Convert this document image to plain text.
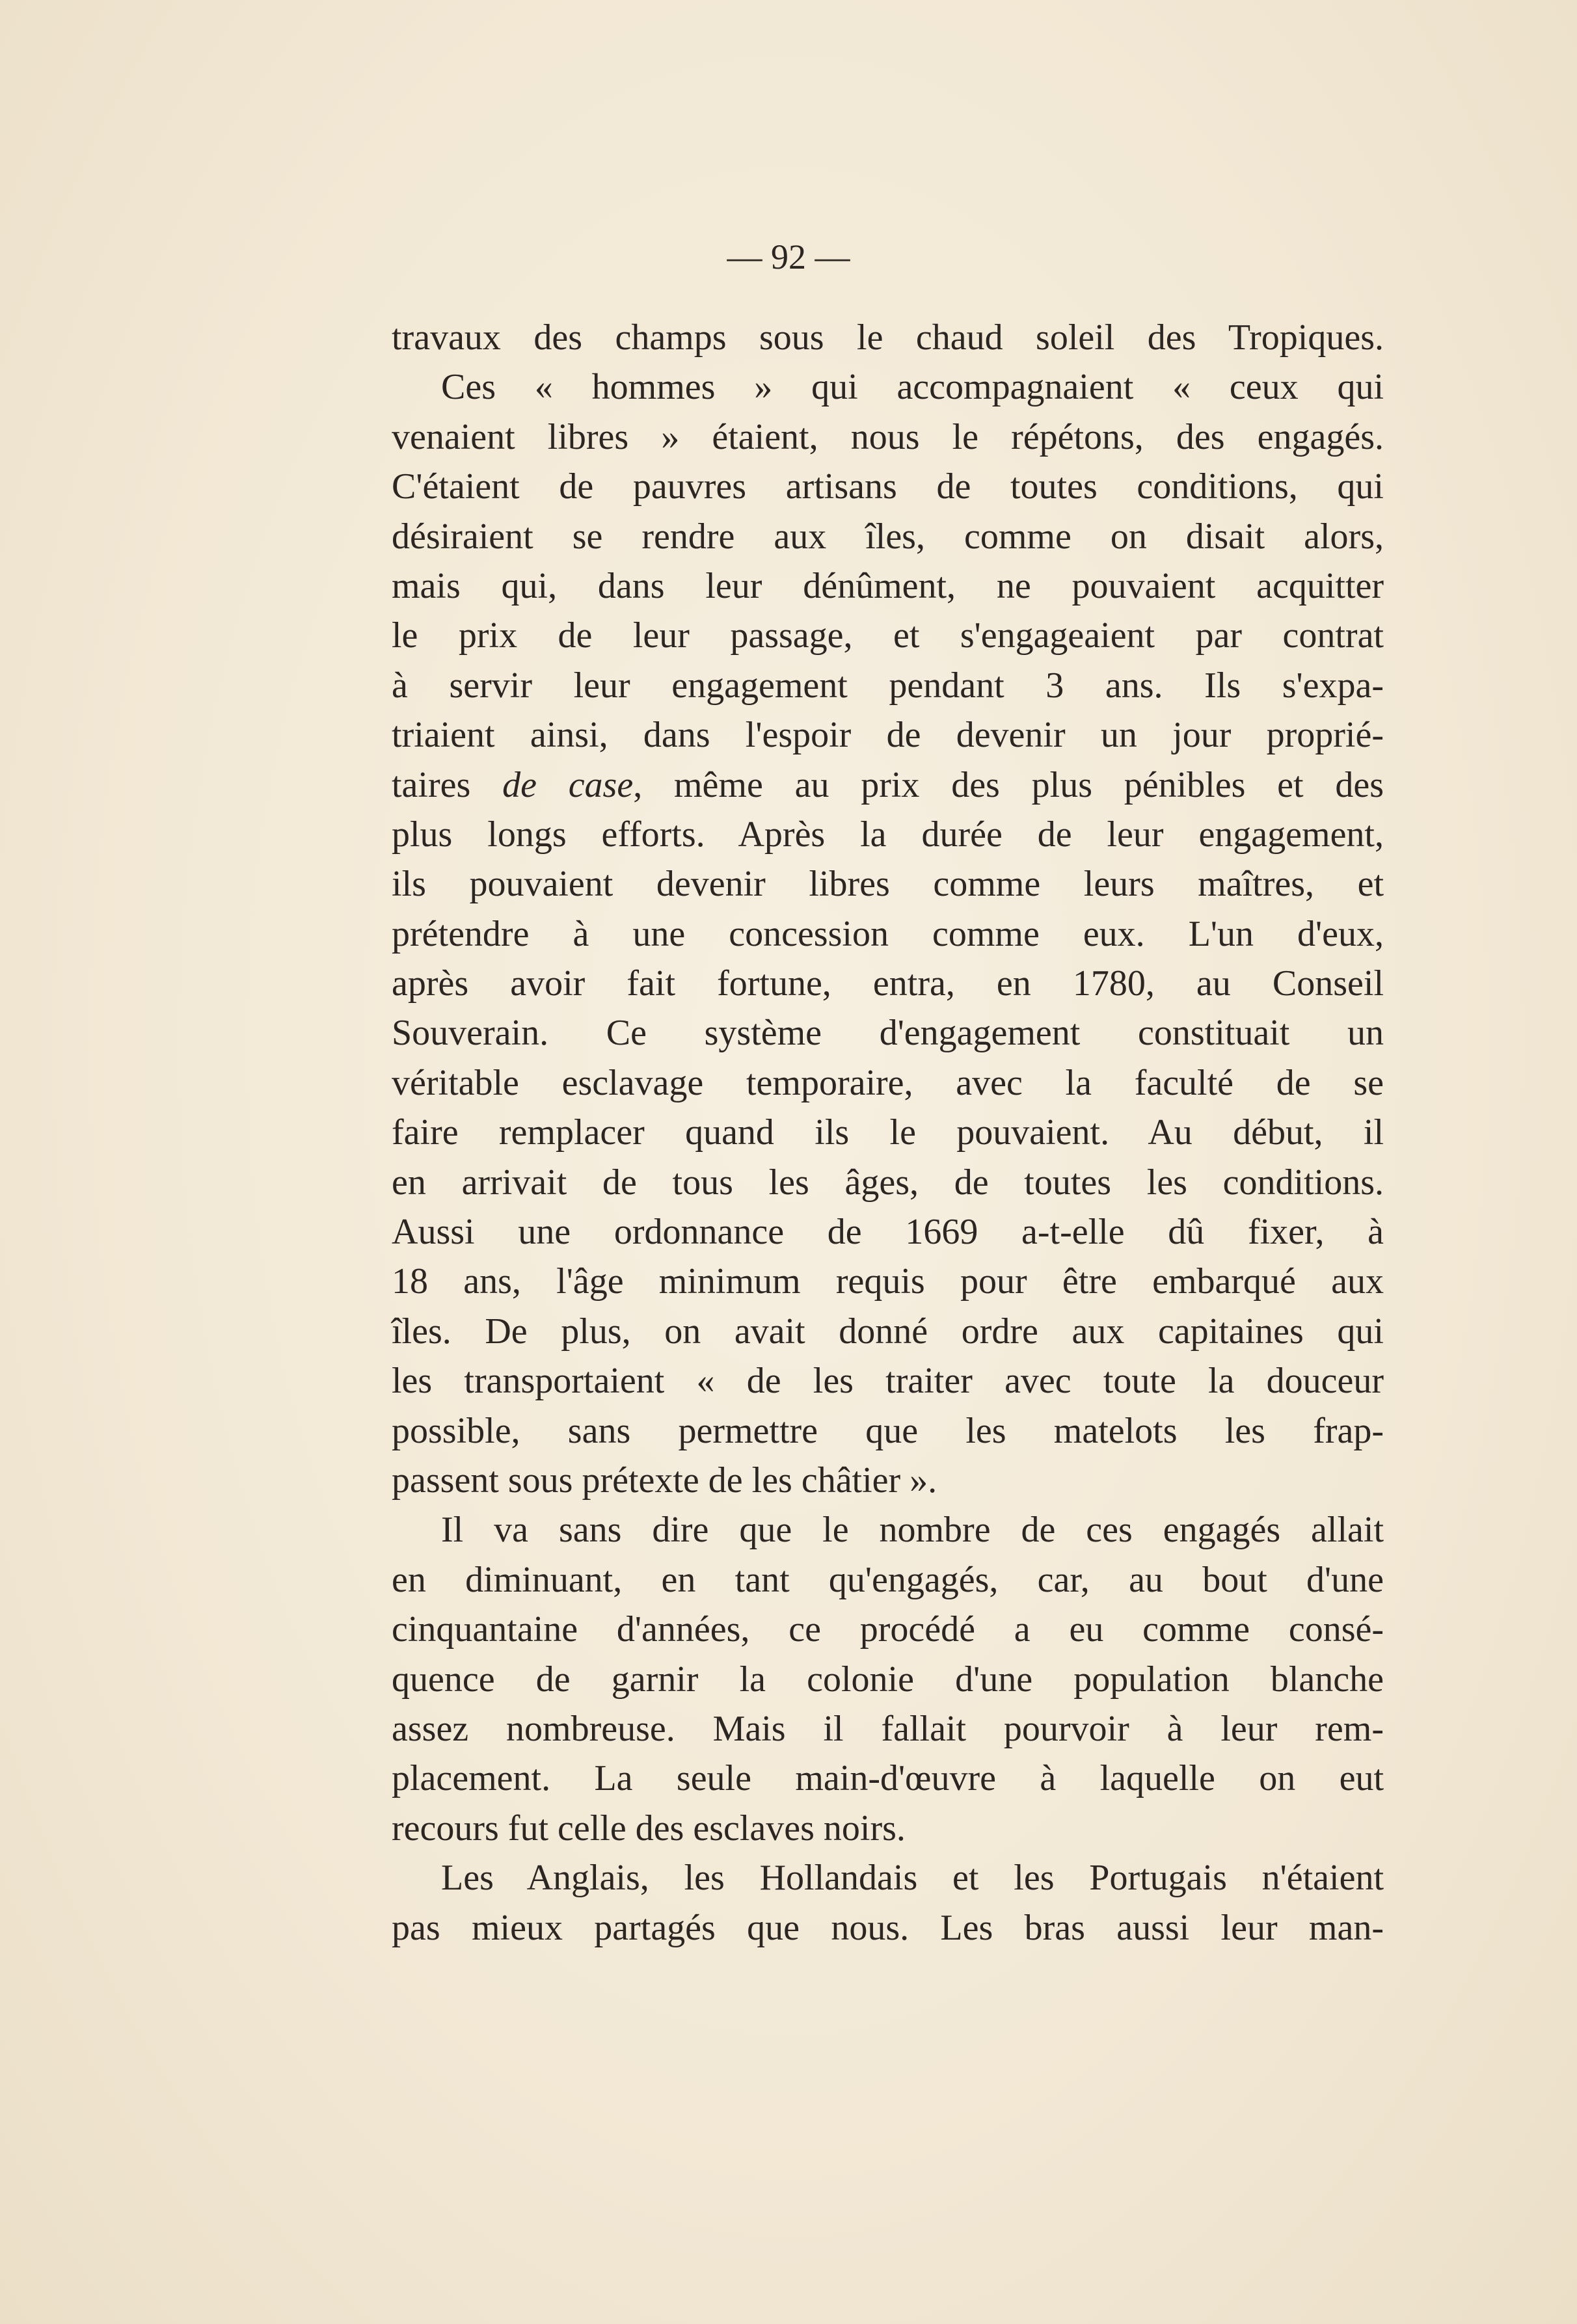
— 92 —
travaux des champs sous le chaud soleil des Tropiques.
Ces « hommes » qui accompagnaient « ceux qui
venaient libres » étaient, nous le répétons, des engagés.
C'étaient de pauvres artisans de toutes conditions, qui
désiraient se rendre aux îles, comme on disait alors,
mais qui, dans leur dénûment, ne pouvaient acquitter
le prix de leur passage, et s'engageaient par contrat
à servir leur engagement pendant 3 ans. Ils s'expa-
triaient ainsi, dans l'espoir de devenir un jour proprié-
taires de case, même au prix des plus pénibles et des
plus longs efforts. Après la durée de leur engagement,
ils pouvaient devenir libres comme leurs maîtres, et
prétendre à une concession comme eux. L'un d'eux,
après avoir fait fortune, entra, en 1780, au Conseil
Souverain. Ce système d'engagement constituait un
véritable esclavage temporaire, avec la faculté de se
faire remplacer quand ils le pouvaient. Au début, il
en arrivait de tous les âges, de toutes les conditions.
Aussi une ordonnance de 1669 a-t-elle dû fixer, à
18 ans, l'âge minimum requis pour être embarqué aux
îles. De plus, on avait donné ordre aux capitaines qui
les transportaient « de les traiter avec toute la douceur
possible, sans permettre que les matelots les frap-
passent sous prétexte de les châtier ».
Il va sans dire que le nombre de ces engagés allait
en diminuant, en tant qu'engagés, car, au bout d'une
cinquantaine d'années, ce procédé a eu comme consé-
quence de garnir la colonie d'une population blanche
assez nombreuse. Mais il fallait pourvoir à leur rem-
placement. La seule main-d'œuvre à laquelle on eut
recours fut celle des esclaves noirs.
Les Anglais, les Hollandais et les Portugais n'étaient
pas mieux partagés que nous. Les bras aussi leur man-
